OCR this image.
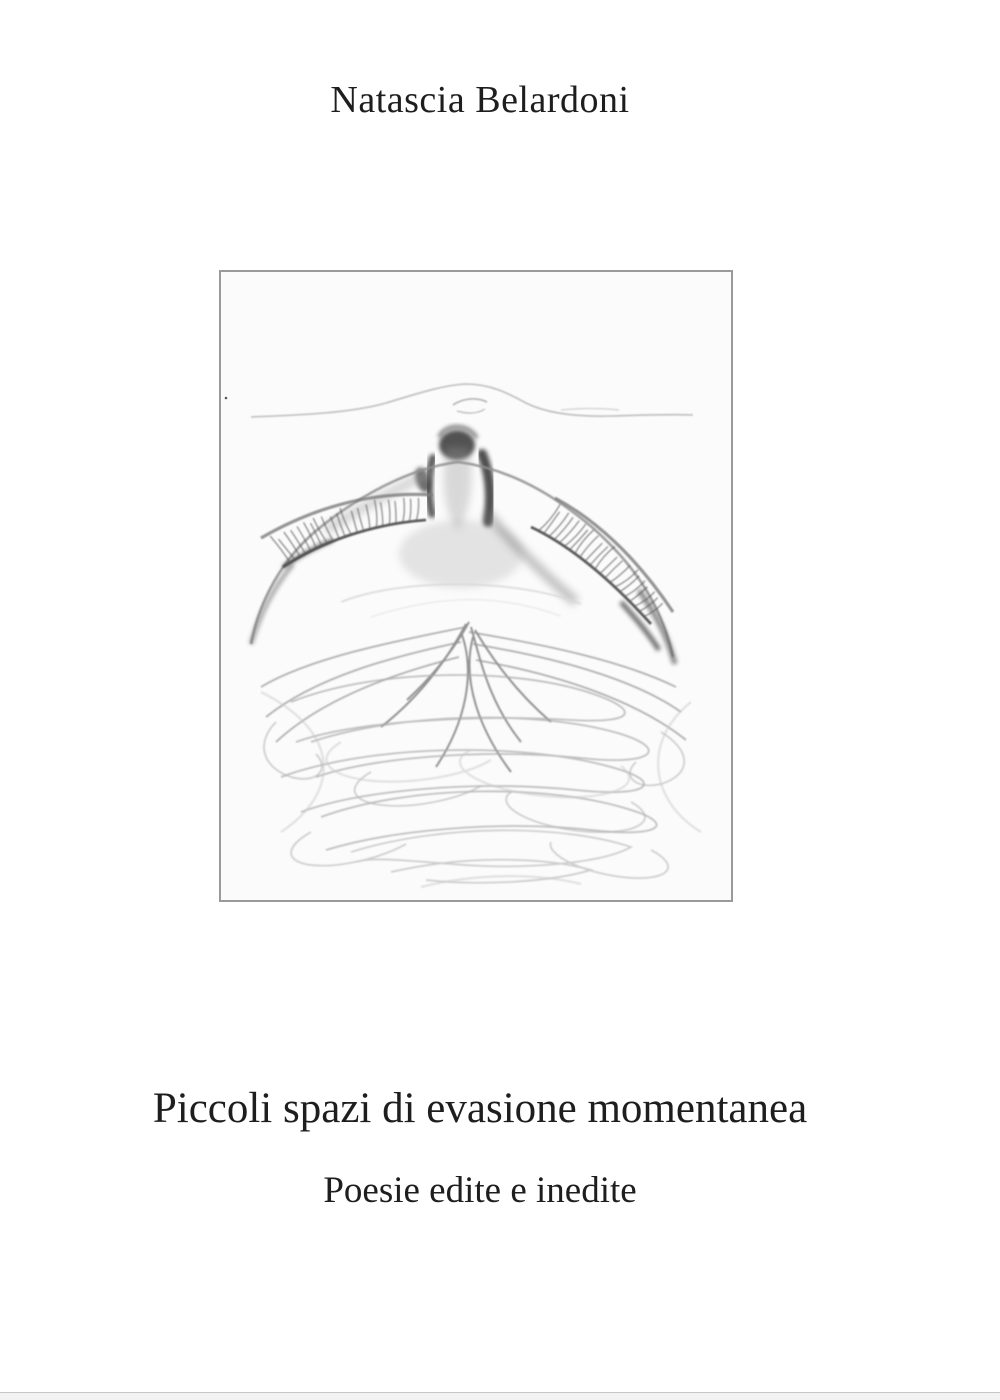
Natascia Belardoni
Piccoli spazi di evasione momentanea
Poesie edite e inedite
